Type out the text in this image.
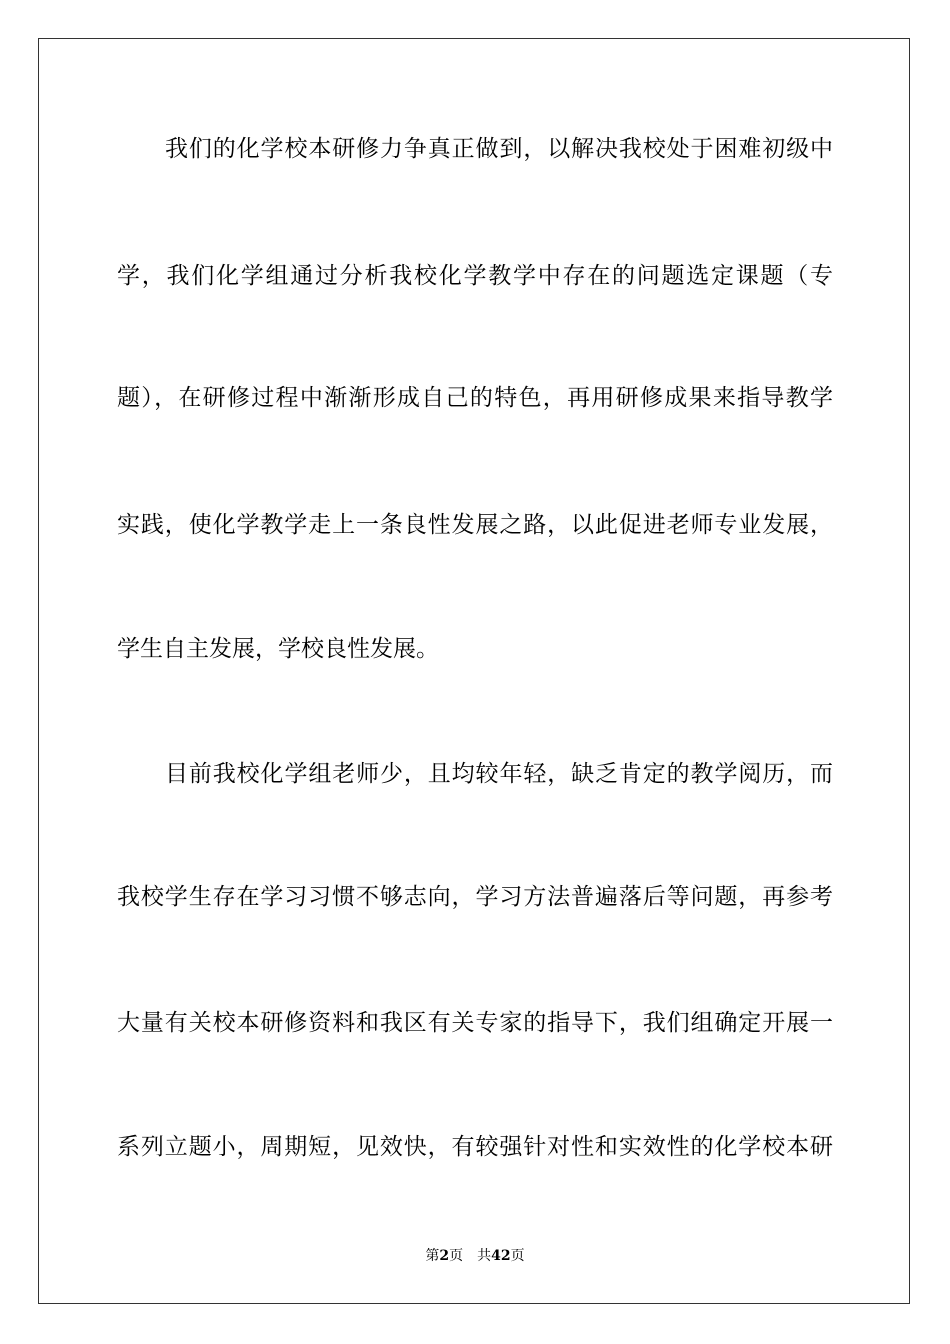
我们的化学校本研修力争真正做到，以解决我校处于困难初级中
学，我们化学组通过分析我校化学教学中存在的问题选定课题（专
题），在研修过程中渐渐形成自己的特色，再用研修成果来指导教学
实践，使化学教学走上一条良性发展之路，以此促进老师专业发展，
学生自主发展，学校良性发展。
目前我校化学组老师少，且均较年轻，缺乏肯定的教学阅历，而
我校学生存在学习习惯不够志向，学习方法普遍落后等问题，再参考
大量有关校本研修资料和我区有关专家的指导下，我们组确定开展一
系列立题小，周期短，见效快，有较强针对性和实效性的化学校本研
第2页 共42页
